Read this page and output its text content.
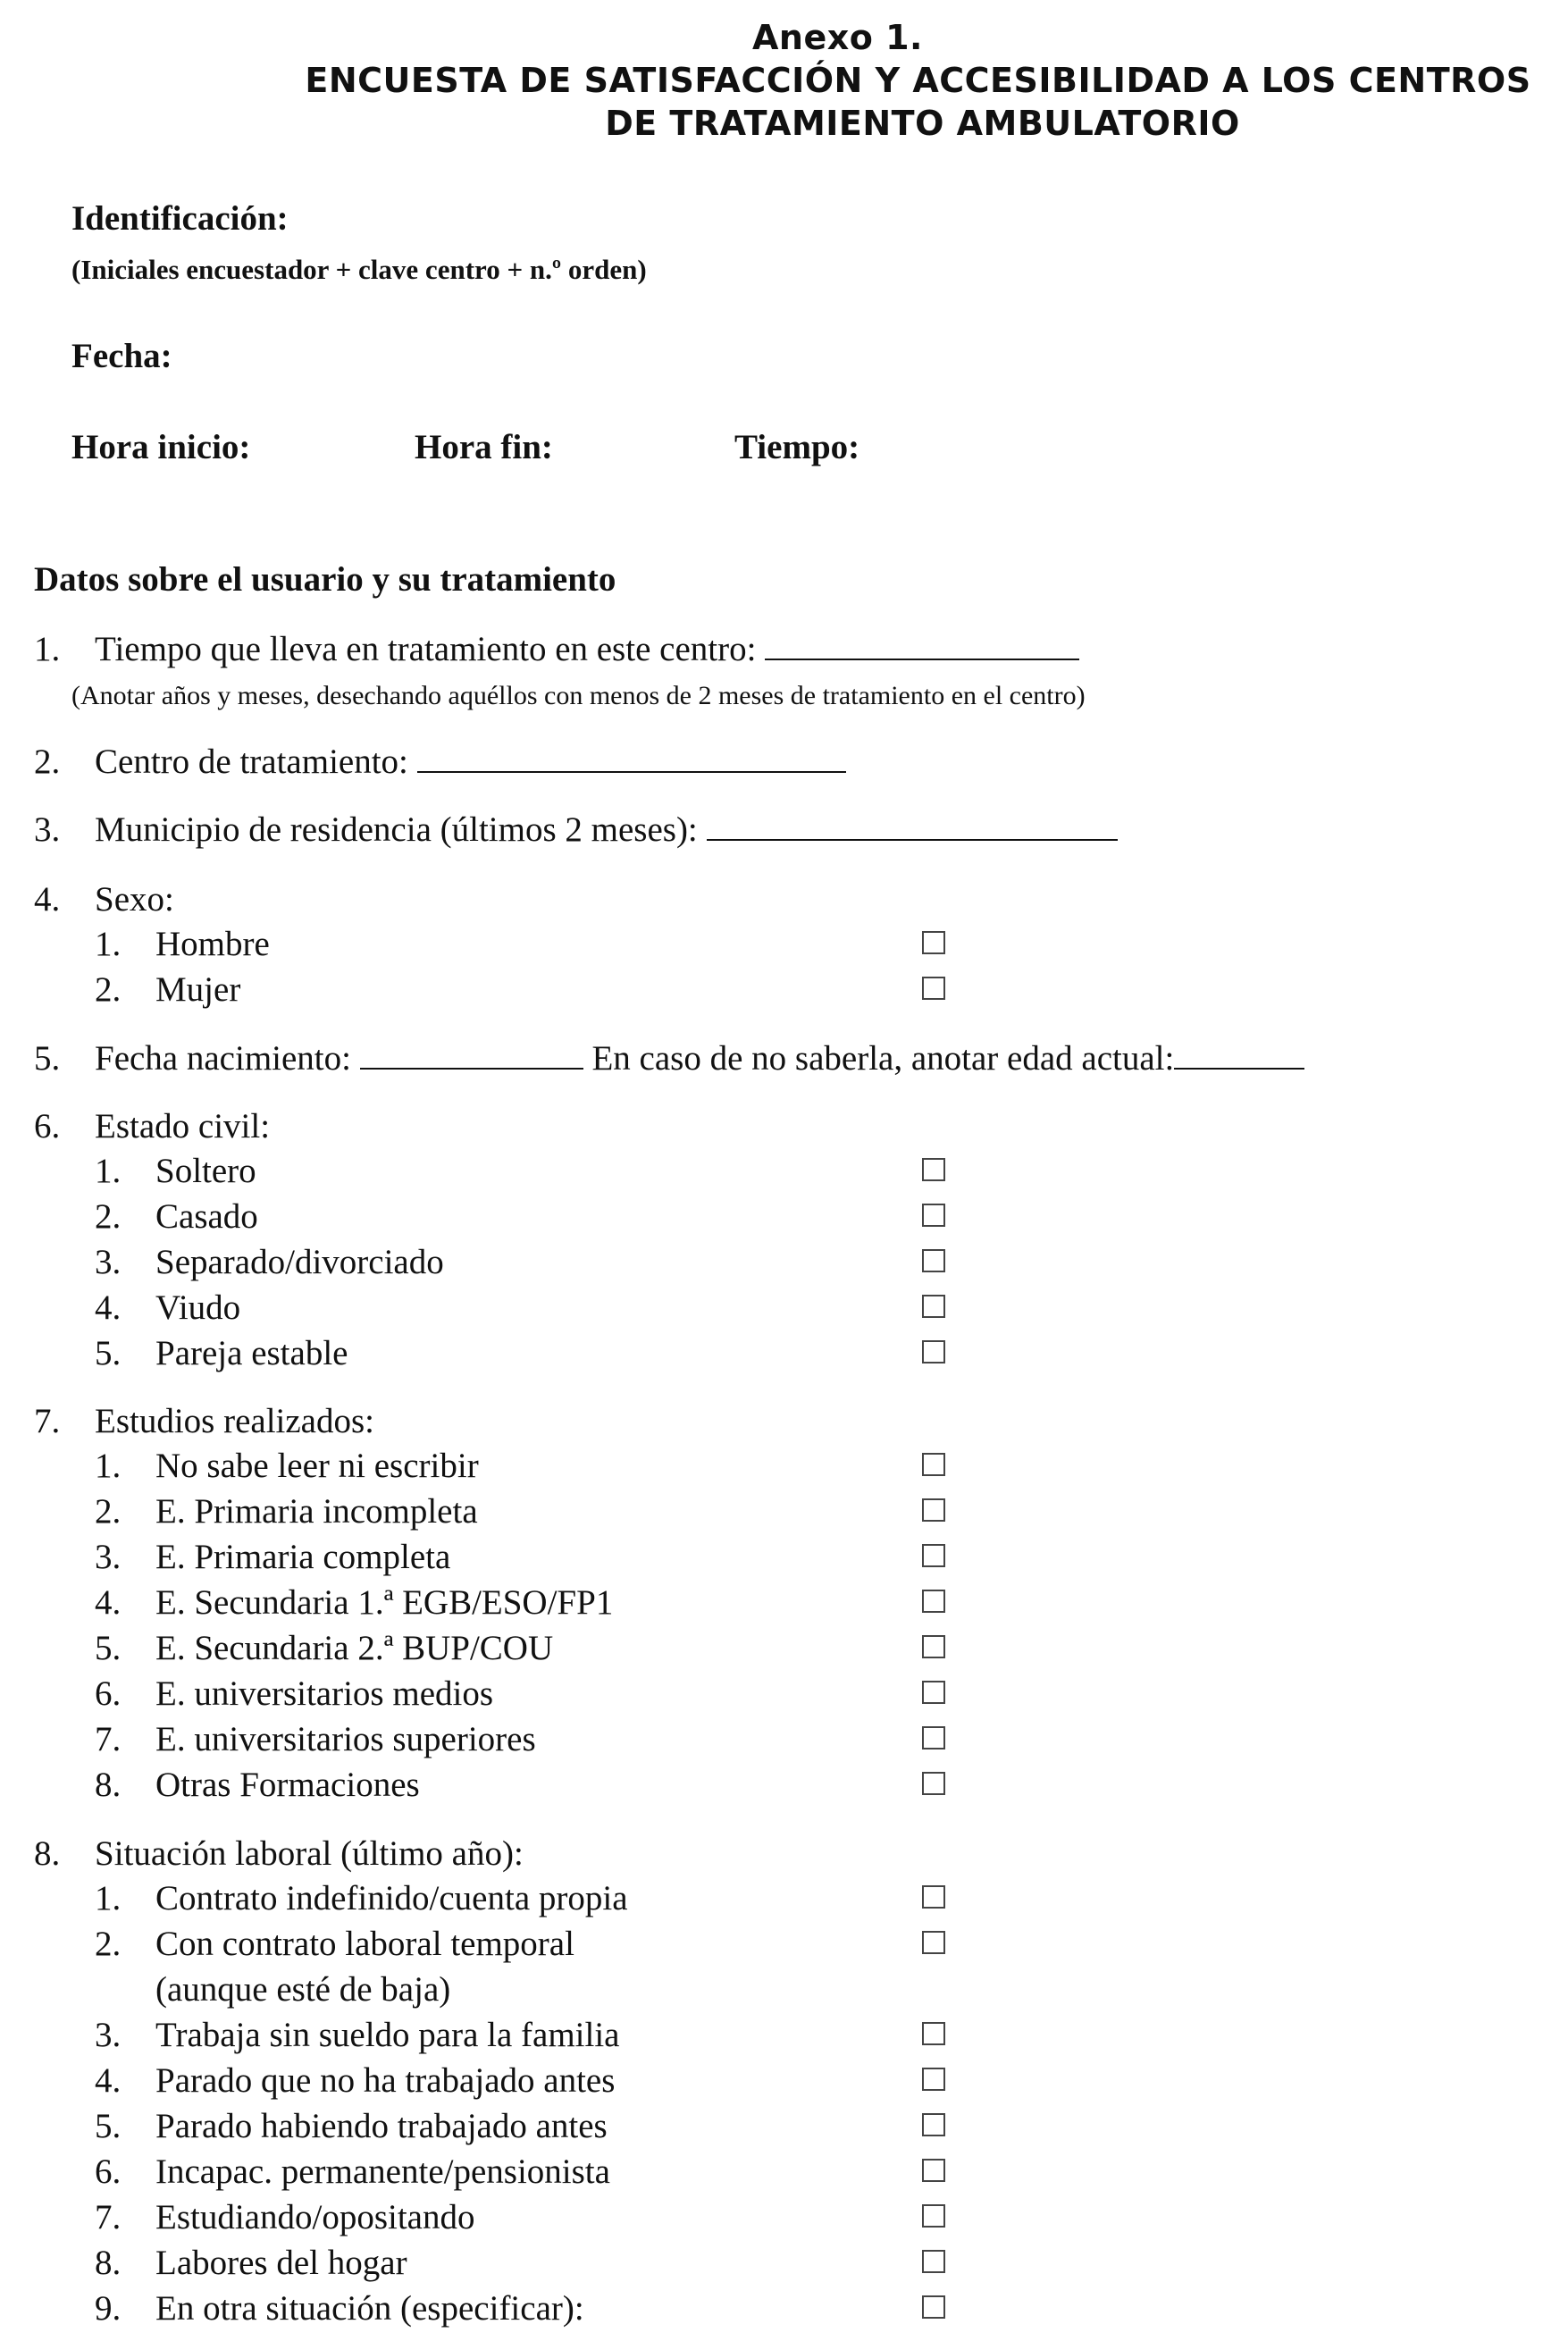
Anexo 1.
ENCUESTA DE SATISFACCIÓN Y ACCESIBILIDAD A LOS CENTROS
DE TRATAMIENTO AMBULATORIO
Identificación:
(Iniciales encuestador + clave centro + n.º orden)
Fecha:
Hora inicio:	Hora fin:	Tiempo:
Datos sobre el usuario y su tratamiento
1. Tiempo que lleva en tratamiento en este centro:
(Anotar años y meses, desechando aquéllos con menos de 2 meses de tratamiento en el centro)
2. Centro de tratamiento:
3. Municipio de residencia (últimos 2 meses):
4. Sexo:
1. Hombre
2. Mujer
5. Fecha nacimiento:	En caso de no saberla, anotar edad actual:
6. Estado civil:
1. Soltero
2. Casado
3. Separado/divorciado
4. Viudo
5. Pareja estable
7. Estudios realizados:
1. No sabe leer ni escribir
2. E. Primaria incompleta
3. E. Primaria completa
4. E. Secundaria 1.ª EGB/ESO/FP1
5. E. Secundaria 2.ª BUP/COU
6. E. universitarios medios
7. E. universitarios superiores
8. Otras Formaciones
8. Situación laboral (último año):
1. Contrato indefinido/cuenta propia
2. Con contrato laboral temporal
(aunque esté de baja)
3. Trabaja sin sueldo para la familia
4. Parado que no ha trabajado antes
5. Parado habiendo trabajado antes
6. Incapac. permanente/pensionista
7. Estudiando/opositando
8. Labores del hogar
9. En otra situación (especificar):
